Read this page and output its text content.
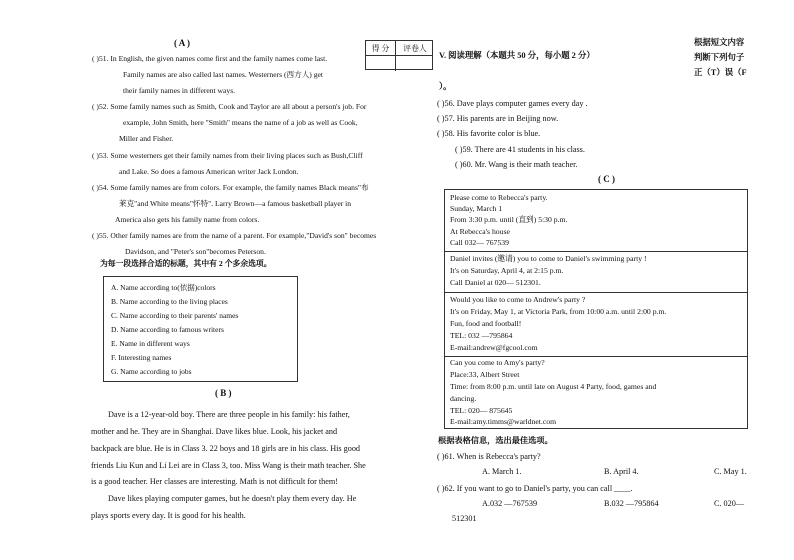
( A )
( )51. In English, the given names come first and the family names come last.
Family names are also called last names. Westerners (西方人) get
their family names in different ways.
( )52. Some family names such as Smith, Cook and Taylor are all about a person's job. For
example, John Smith, here "Smith" means the name of a job as well as Cook,
Miller and Fisher.
( )53. Some westerners get their family names from their living places such as Bush,Cliff
and Lake. So does a famous American writer Jack London.
( )54. Some family names are from colors. For example, the family names Black means"布
莱克"and White means"怀特". Larry Brown—a famous basketball player in
America also gets his family name from colors.
( )55. Other family names are from the name of a parent. For example,"David's son" becomes
Davidson, and "Peter's son"becomes Peterson.
为每一段选择合适的标题，其中有 2 个多余选项。
A. Name according to(依据)colors
B. Name according to the living places
C. Name according to their parents' names
D. Name according to famous writers
E. Name in different ways
F. Interesting names
G. Name according to jobs
( B )
Dave is a 12-year-old boy. There are three people in his family: his father,
mother and he. They are in Shanghai. Dave likes blue. Look, his jacket and
backpack are blue. He is in Class 3. 22 boys and 18 girls are in his class. His good
friends Liu Kun and Li Lei are in Class 3, too. Miss Wang is their math teacher. She
is a good teacher. Her classes are interesting. Math is not difficult for them!
Dave likes playing computer games, but he doesn't play them every day. He
plays sports every day. It is good for his health.
得 分	评卷人
V. 阅读理解（本题共 50 分，每小题 2 分）
根据短文内容
判断下列句子
正（T）误（F
）。
( )56. Dave plays computer games every day .
( )57. His parents are in Beijing now.
( )58. His favorite color is blue.
( )59. There are 41 students in his class.
( )60. Mr. Wang is their math teacher.
( C )
Please come to Rebecca's party.
Sunday, March 1
From 3:30 p.m. until (直到) 5:30 p.m.
At Rebecca's house
Call 032— 767539
Daniel invites (邀请) you to come to Daniel's swimming party !
It's on Saturday, April 4, at 2:15 p.m.
Call Daniel at 020— 512301.
Would you like to come to Andrew's party ?
It's on Friday, May 1, at Victoria Park, from 10:00 a.m. until 2:00 p.m.
Fun, food and football!
TEL: 032 —795864
E-mail:andrew@fgcool.com
Can you come to Amy's party?
Place:33, Albert Street
Time: from 8:00 p.m. until late on August 4 Party, food, games and
dancing.
TEL: 020— 875645
E-mail:amy.timms@warldnet.com
根据表格信息，选出最佳选项。
( )61. When is Rebecca's party?
A. March 1.	B. April 4.	C. May 1.
( )62. If you want to go to Daniel's party, you can call ____.
A.032 —767539	B.032 —795864	C. 020—
512301
